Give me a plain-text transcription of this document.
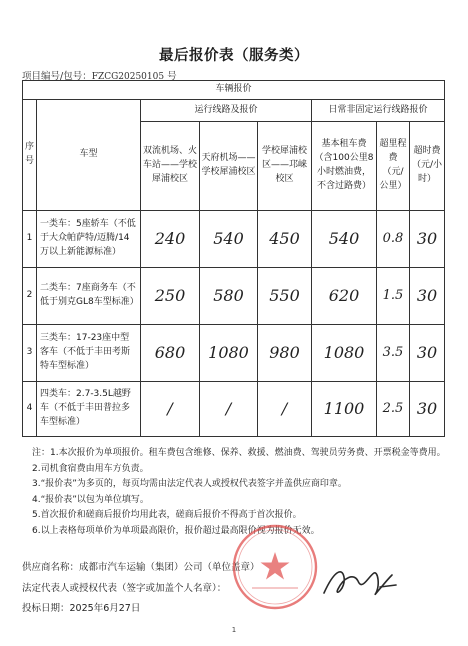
最后报价表（服务类）
项目编号/包号：FZCG20250105 号
车辆报价							
序号	车型	运行线路及报价			日常非固定运行线路报价		
		双流机场、火车站——学校犀浦校区	天府机场——学校犀浦校区	学校犀浦校区——邛崃校区	基本租车费（含100公里8小时燃油费，不含过路费）	超里程费（元/公里）	超时费（元/小时）
1	一类车：5座轿车（不低于大众帕萨特/迈腾/14万以上新能源标准）	240	540	450	540	0.8	30
2	二类车：7座商务车（不低于别克GL8车型标准）	250	580	550	620	1.5	30
3	三类车：17-23座中型客车（不低于丰田考斯特车型标准）	680	1080	980	1080	3.5	30
4	四类车：2.7-3.5L越野车（不低于丰田普拉多车型标准）	/	/	/	1100	2.5	30
注：1.本次报价为单项报价。租车费包含维修、保养、救援、燃油费、驾驶员劳务费、开票税金等费用。
2.司机食宿费由用车方负责。
3.“报价表”为多页的，每页均需由法定代表人或授权代表签字并盖供应商印章。
4.“报价表”以包为单位填写。
5.首次报价和磋商后报价均用此表，磋商后报价不得高于首次报价。
6.以上表格每项单价为单项最高限价，报价超过最高限价视为报价无效。
供应商名称：成都市汽车运输（集团）公司（单位盖章）
法定代表人或授权代表（签字或加盖个人名章）：
投标日期：2025年6月27日
1
